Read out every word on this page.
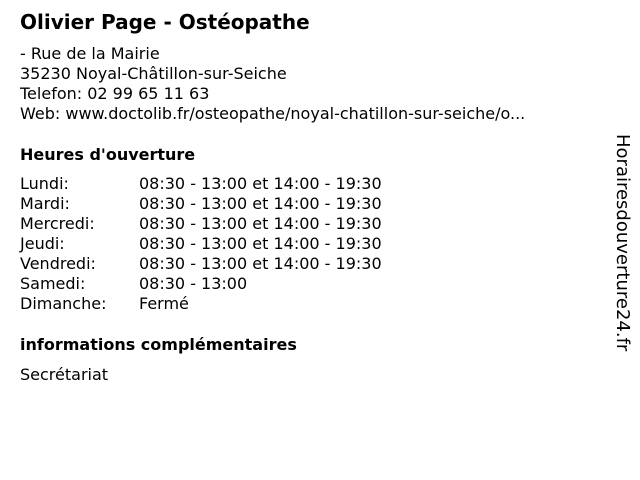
Olivier Page - Ostéopathe
- Rue de la Mairie
35230 Noyal-Châtillon-sur-Seiche
Telefon: 02 99 65 11 63
Web: www.doctolib.fr/osteopathe/noyal-chatillon-sur-seiche/o...
Heures d'ouverture
Lundi:	08:30 - 13:00 et 14:00 - 19:30
Mardi:	08:30 - 13:00 et 14:00 - 19:30
Mercredi:	08:30 - 13:00 et 14:00 - 19:30
Jeudi:	08:30 - 13:00 et 14:00 - 19:30
Vendredi:	08:30 - 13:00 et 14:00 - 19:30
Samedi:	08:30 - 13:00
Dimanche: Fermé
informations complémentaires
Secrétariat
Horairesdouverture24.fr
